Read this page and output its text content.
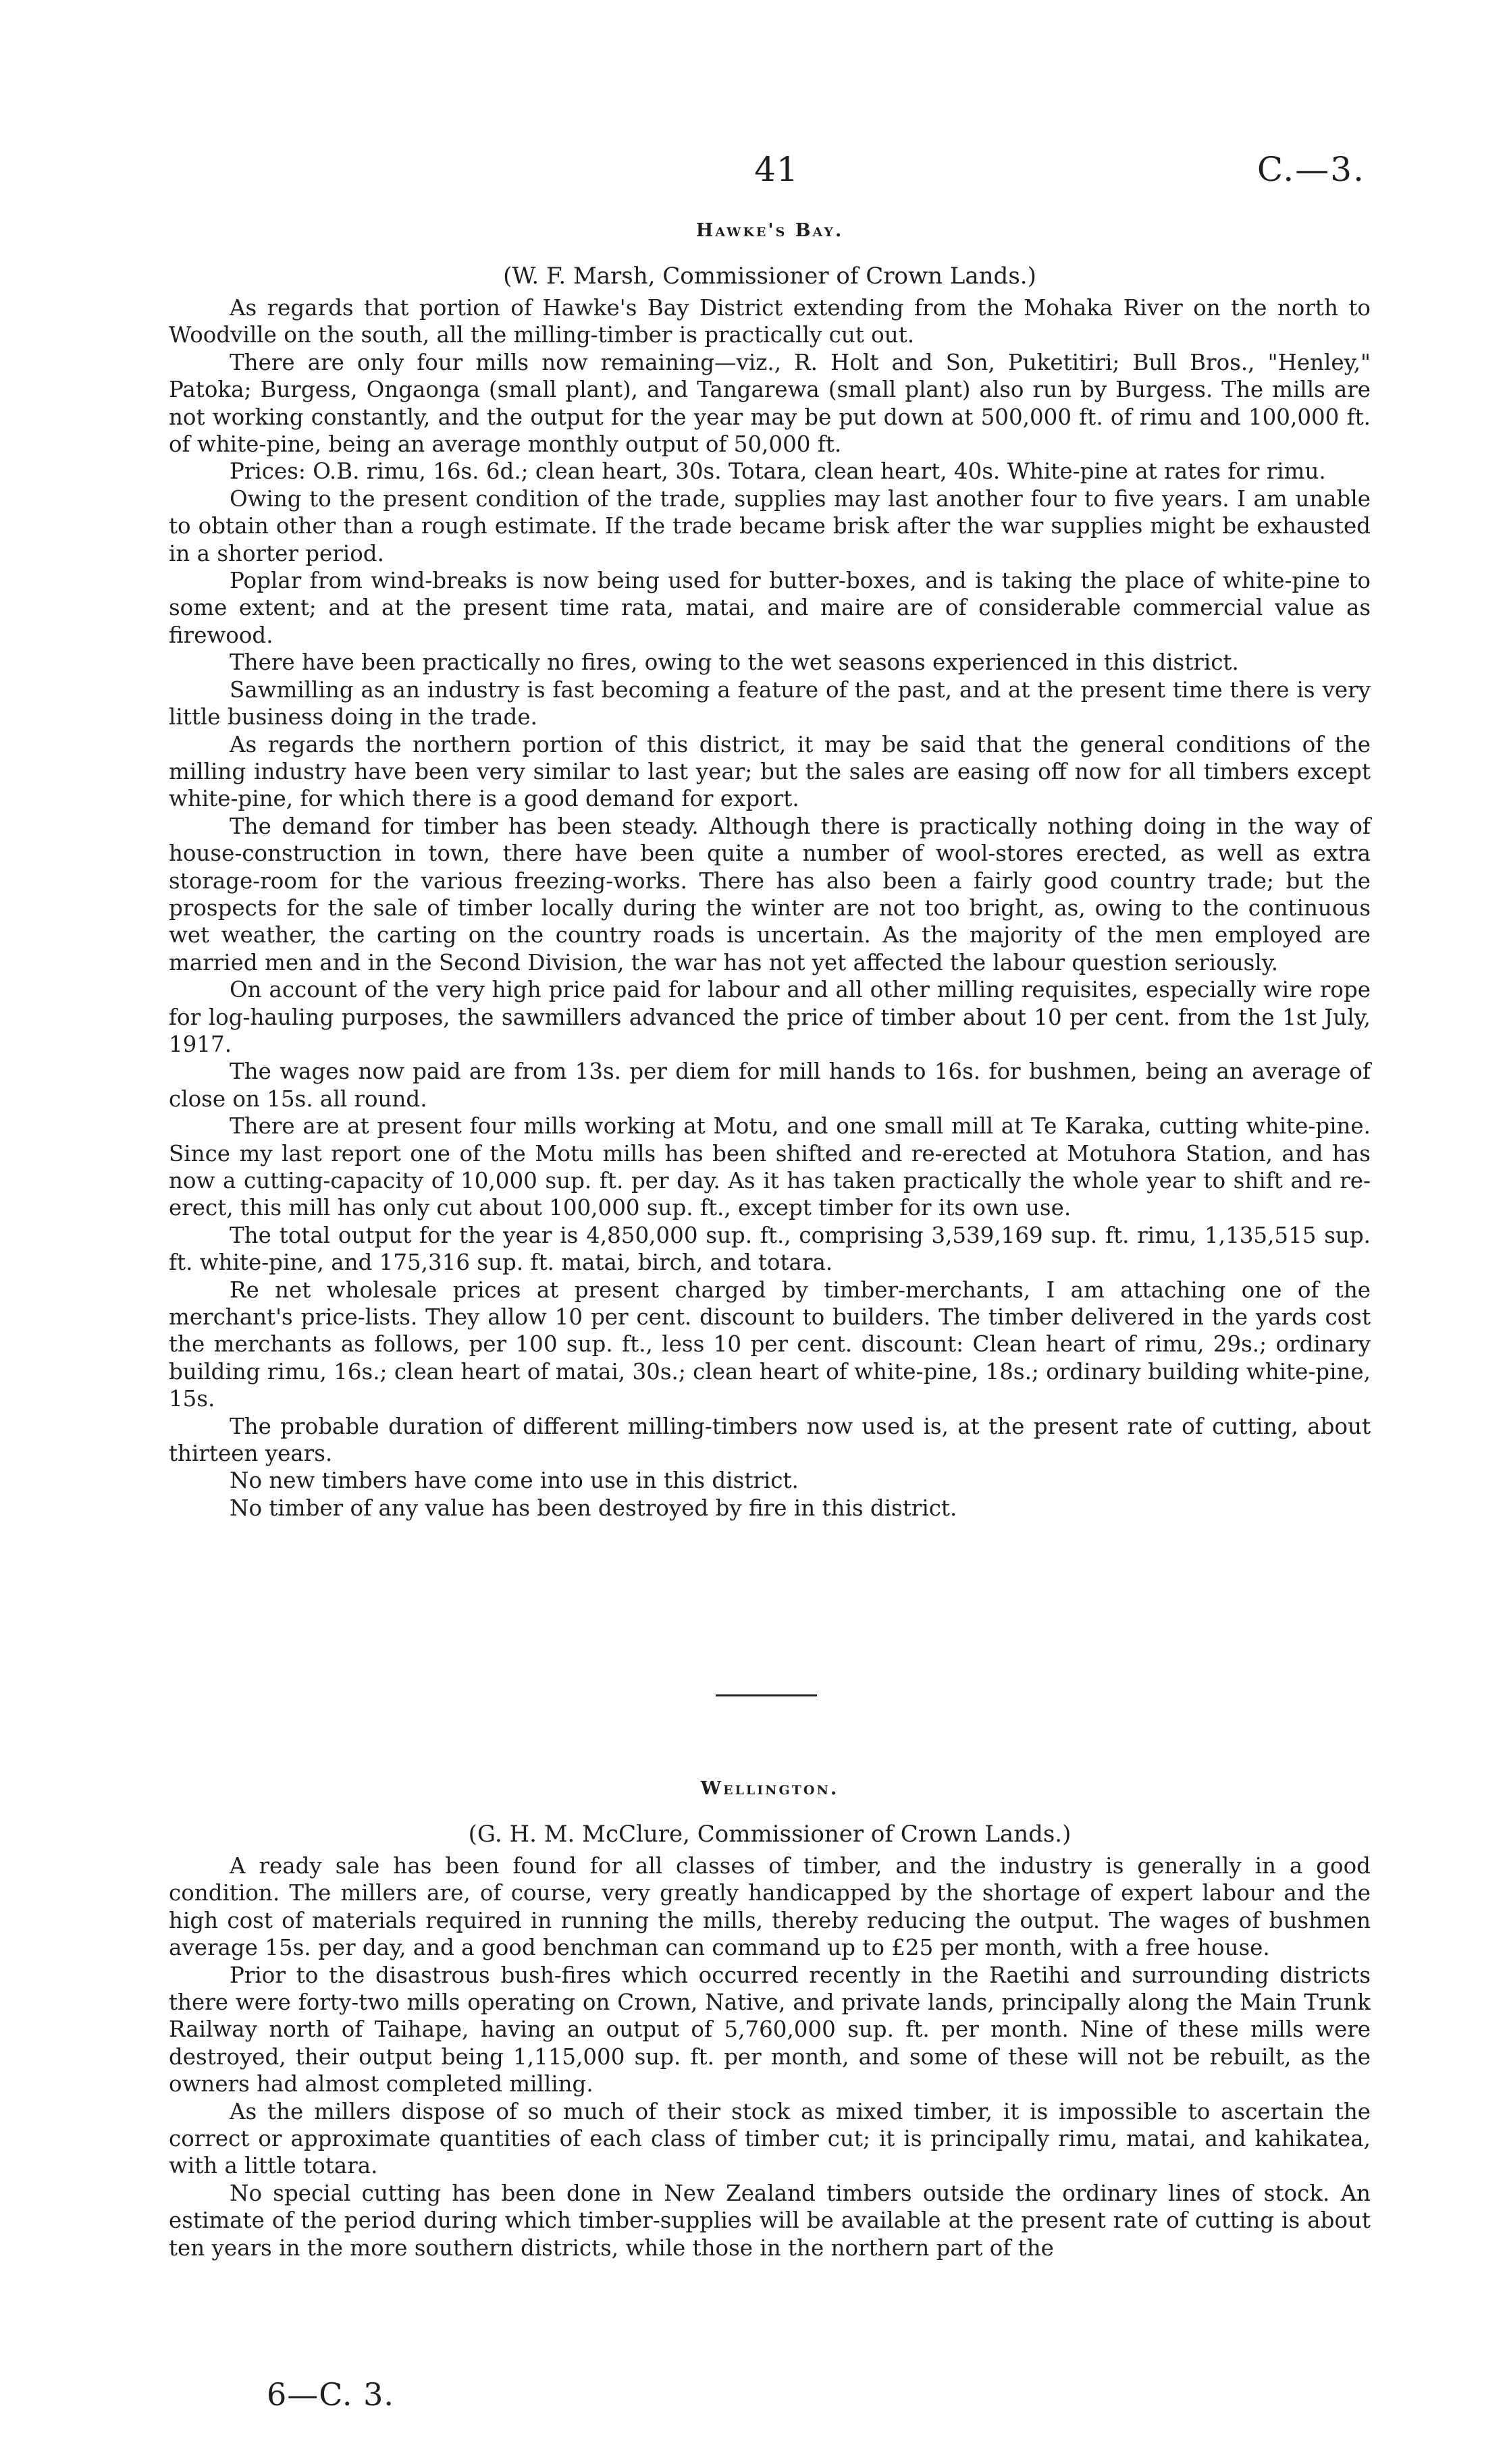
41	C.—3.
Hawke's Bay.
(W. F. Marsh, Commissioner of Crown Lands.)

As regards that portion of Hawke's Bay District extending from the Mohaka River on the north to Woodville on the south, all the milling-timber is practically cut out.

There are only four mills now remaining—viz., R. Holt and Son, Puketitiri; Bull Bros., "Henley," Patoka; Burgess, Ongaonga (small plant), and Tangarewa (small plant) also run by Burgess. The mills are not working constantly, and the output for the year may be put down at 500,000 ft. of rimu and 100,000 ft. of white-pine, being an average monthly output of 50,000 ft.

Prices: O.B. rimu, 16s. 6d.; clean heart, 30s. Totara, clean heart, 40s. White-pine at rates for rimu.

Owing to the present condition of the trade, supplies may last another four to five years. I am unable to obtain other than a rough estimate. If the trade became brisk after the war supplies might be exhausted in a shorter period.

Poplar from wind-breaks is now being used for butter-boxes, and is taking the place of white-pine to some extent; and at the present time rata, matai, and maire are of considerable commercial value as firewood.

There have been practically no fires, owing to the wet seasons experienced in this district.

Sawmilling as an industry is fast becoming a feature of the past, and at the present time there is very little business doing in the trade.

As regards the northern portion of this district, it may be said that the general conditions of the milling industry have been very similar to last year; but the sales are easing off now for all timbers except white-pine, for which there is a good demand for export.

The demand for timber has been steady. Although there is practically nothing doing in the way of house-construction in town, there have been quite a number of wool-stores erected, as well as extra storage-room for the various freezing-works. There has also been a fairly good country trade; but the prospects for the sale of timber locally during the winter are not too bright, as, owing to the continuous wet weather, the carting on the country roads is uncertain. As the majority of the men employed are married men and in the Second Division, the war has not yet affected the labour question seriously.

On account of the very high price paid for labour and all other milling requisites, especially wire rope for log-hauling purposes, the sawmillers advanced the price of timber about 10 per cent. from the 1st July, 1917.

The wages now paid are from 13s. per diem for mill hands to 16s. for bushmen, being an average of close on 15s. all round.

There are at present four mills working at Motu, and one small mill at Te Karaka, cutting white-pine. Since my last report one of the Motu mills has been shifted and re-erected at Motuhora Station, and has now a cutting-capacity of 10,000 sup. ft. per day. As it has taken practically the whole year to shift and re-erect, this mill has only cut about 100,000 sup. ft., except timber for its own use.

The total output for the year is 4,850,000 sup. ft., comprising 3,539,169 sup. ft. rimu, 1,135,515 sup. ft. white-pine, and 175,316 sup. ft. matai, birch, and totara.

Re net wholesale prices at present charged by timber-merchants, I am attaching one of the merchant's price-lists. They allow 10 per cent. discount to builders. The timber delivered in the yards cost the merchants as follows, per 100 sup. ft., less 10 per cent. discount: Clean heart of rimu, 29s.; ordinary building rimu, 16s.; clean heart of matai, 30s.; clean heart of white-pine, 18s.; ordinary building white-pine, 15s.

The probable duration of different milling-timbers now used is, at the present rate of cutting, about thirteen years.

No new timbers have come into use in this district.

No timber of any value has been destroyed by fire in this district.

Wellington.
(G. H. M. McClure, Commissioner of Crown Lands.)

A ready sale has been found for all classes of timber, and the industry is generally in a good condition. The millers are, of course, very greatly handicapped by the shortage of expert labour and the high cost of materials required in running the mills, thereby reducing the output. The wages of bushmen average 15s. per day, and a good benchman can command up to £25 per month, with a free house.

Prior to the disastrous bush-fires which occurred recently in the Raetihi and surrounding districts there were forty-two mills operating on Crown, Native, and private lands, principally along the Main Trunk Railway north of Taihape, having an output of 5,760,000 sup. ft. per month. Nine of these mills were destroyed, their output being 1,115,000 sup. ft. per month, and some of these will not be rebuilt, as the owners had almost completed milling.

As the millers dispose of so much of their stock as mixed timber, it is impossible to ascertain the correct or approximate quantities of each class of timber cut; it is principally rimu, matai, and kahikatea, with a little totara.

No special cutting has been done in New Zealand timbers outside the ordinary lines of stock. An estimate of the period during which timber-supplies will be available at the present rate of cutting is about ten years in the more southern districts, while those in the northern part of the

6—C. 3.
